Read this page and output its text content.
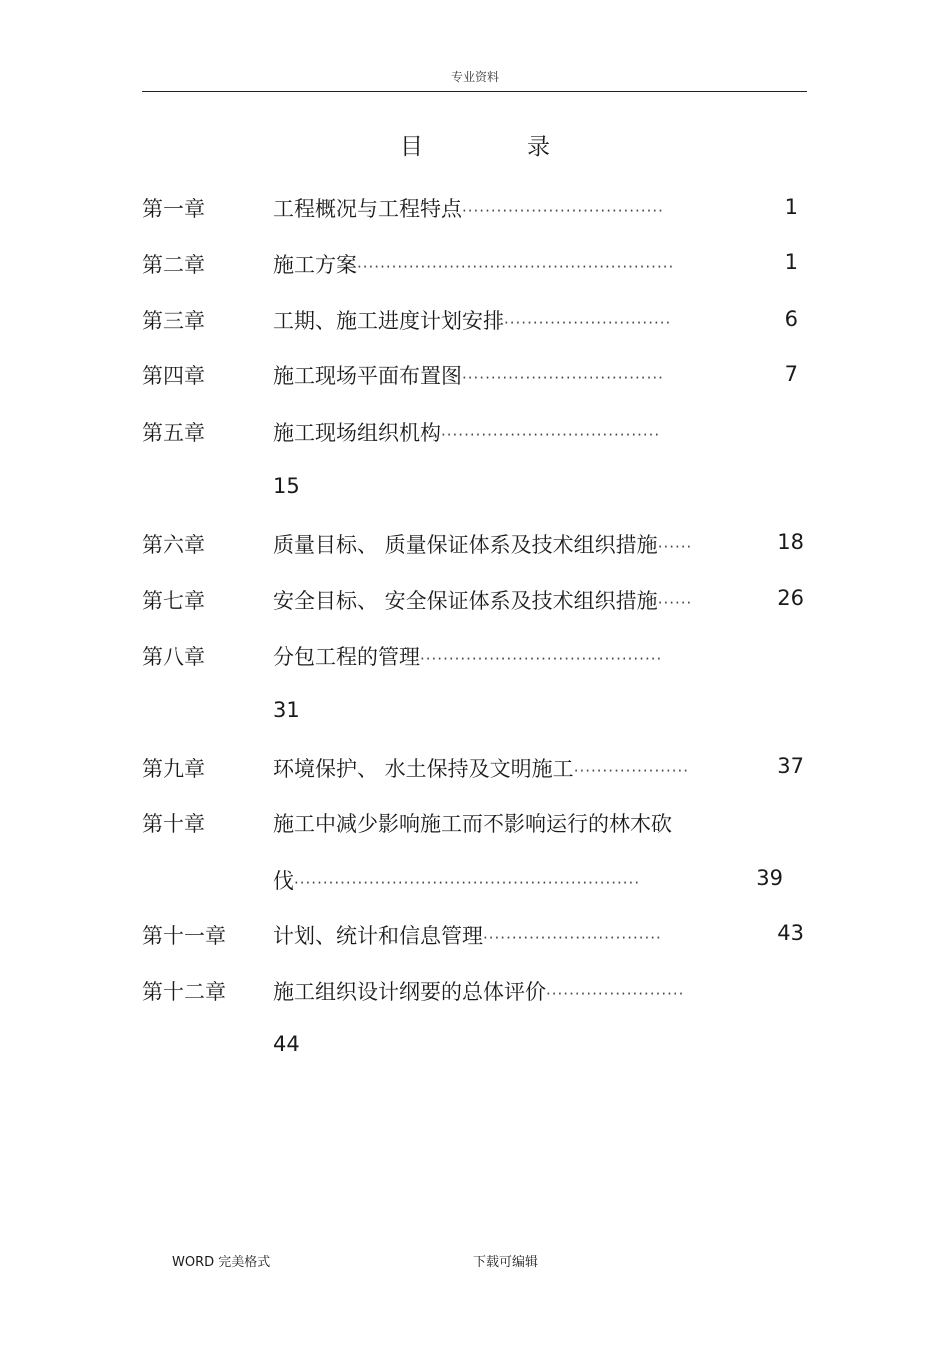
专业资料
目	录
第一章	工程概况与工程特点···································	1
第二章	施工方案·······················································	1
第三章	工期、施工进度计划安排·····························	6
第四章	施工现场平面布置图···································	7
第五章	施工现场组织机构······································
15
第六章	质量目标、 质量保证体系及技术组织措施······	18
第七章	安全目标、 安全保证体系及技术组织措施······	26
第八章	分包工程的管理··········································
31
第九章	环境保护、 水土保持及文明施工····················	37
第十章	施工中减少影响施工而不影响运行的林木砍
伐····························································	39
第十一章 计划、统计和信息管理·······························	43
第十二章 施工组织设计纲要的总体评价························
44
WORD 完美格式	下载可编辑
